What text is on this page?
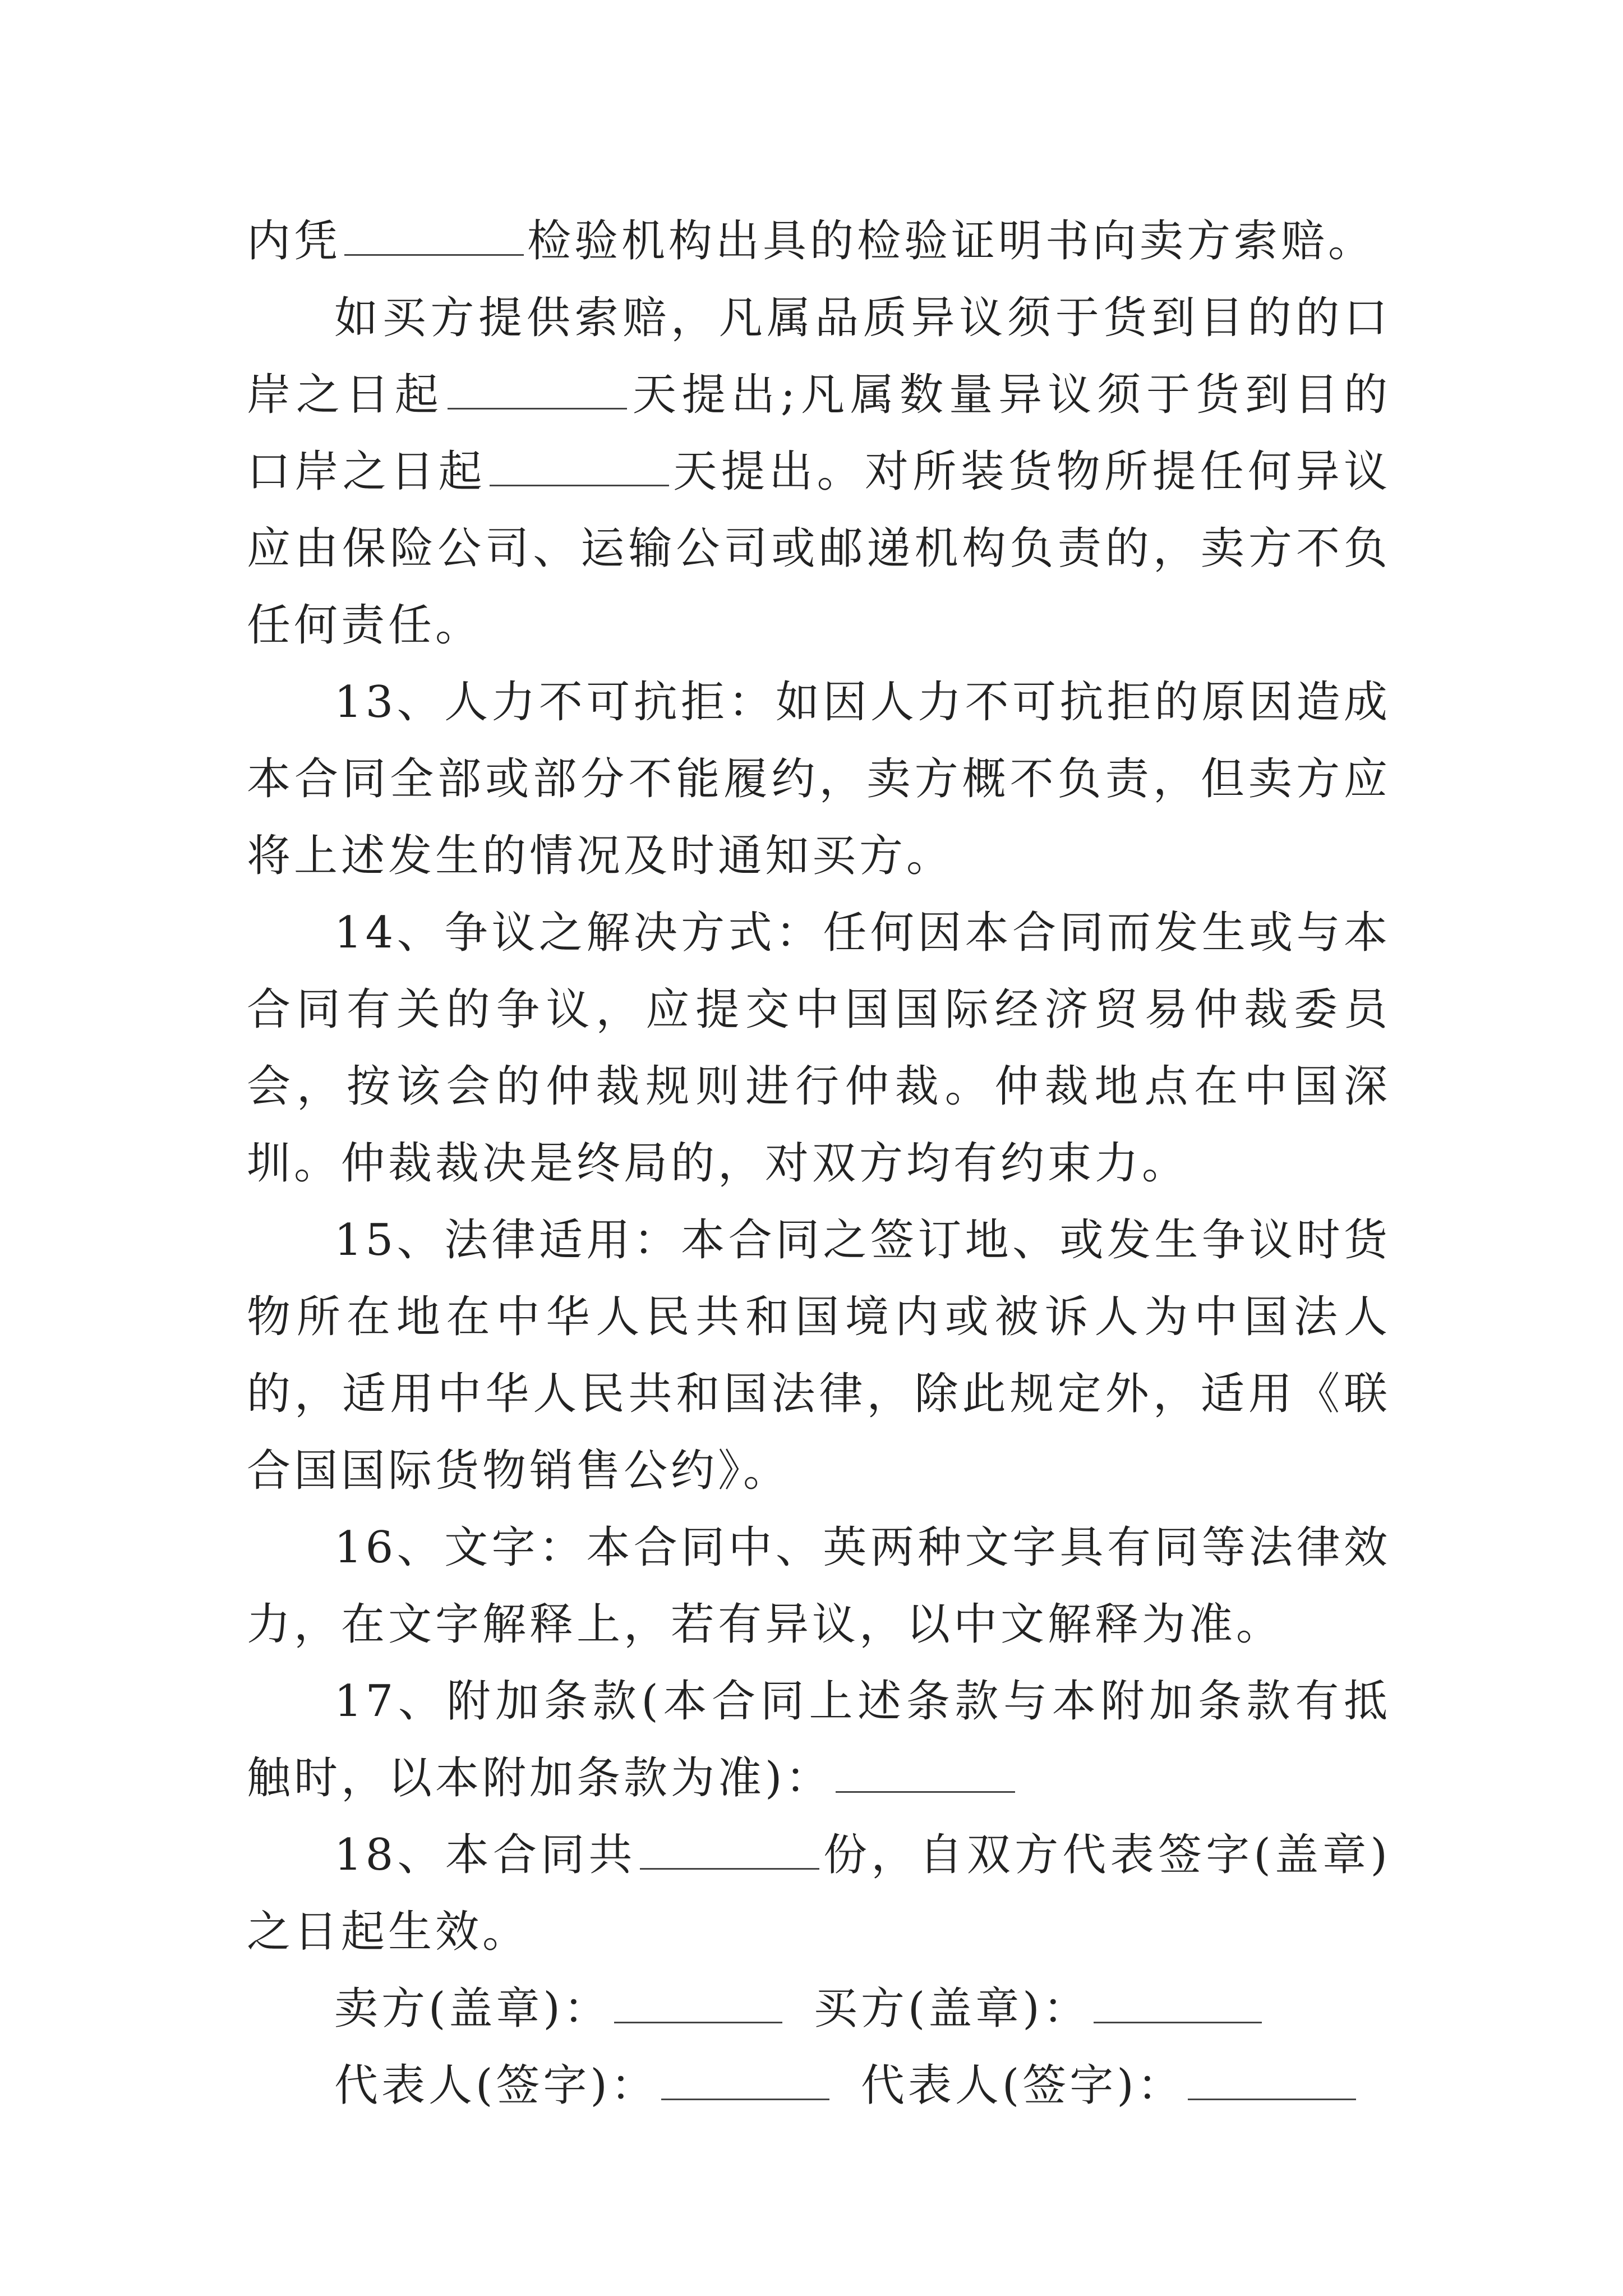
内凭	检验机构出具的检验证明书向卖方索赔。

如买方提供索赔，凡属品质异议须于货到目的的口岸之日起	天提出;凡属数量异议须于货到目的口岸之日起	天提出。对所装货物所提任何异议应由保险公司、运输公司或邮递机构负责的，卖方不负任何责任。

13、人力不可抗拒：如因人力不可抗拒的原因造成本合同全部或部分不能履约，卖方概不负责，但卖方应将上述发生的情况及时通知买方。

14、争议之解决方式：任何因本合同而发生或与本合同有关的争议，应提交中国国际经济贸易仲裁委员会，按该会的仲裁规则进行仲裁。仲裁地点在中国深圳。仲裁裁决是终局的，对双方均有约束力。

15、法律适用：本合同之签订地、或发生争议时货物所在地在中华人民共和国境内或被诉人为中国法人的，适用中华人民共和国法律，除此规定外，适用《联合国国际货物销售公约》。

16、文字：本合同中、英两种文字具有同等法律效力，在文字解释上，若有异议，以中文解释为准。

17、附加条款(本合同上述条款与本附加条款有抵触时，以本附加条款为准)：

18、本合同共	份，自双方代表签字(盖章)之日起生效。

卖方(盖章)：	买方(盖章)：

代表人(签字)：	代表人(签字)：
